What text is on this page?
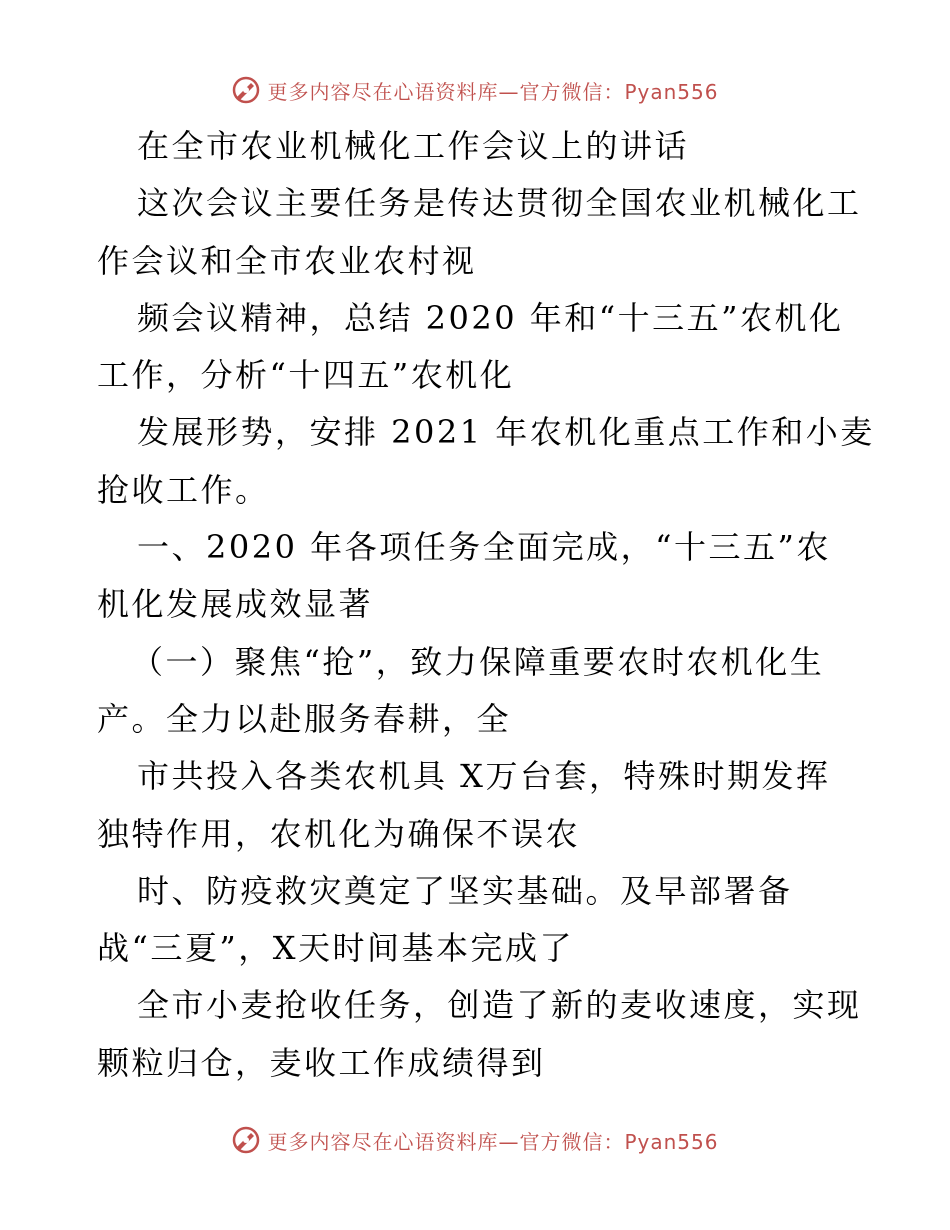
更多内容尽在心语资料库—官方微信：Pyan556
在全市农业机械化工作会议上的讲话
这次会议主要任务是传达贯彻全国农业机械化工
作会议和全市农业农村视
频会议精神，总结 2020 年和“十三五”农机化
工作，分析“十四五”农机化
发展形势，安排 2021 年农机化重点工作和小麦
抢收工作。
一、2020 年各项任务全面完成，“十三五”农
机化发展成效显著
（一）聚焦“抢”，致力保障重要农时农机化生
产。全力以赴服务春耕，全
市共投入各类农机具 X万台套，特殊时期发挥
独特作用，农机化为确保不误农
时、防疫救灾奠定了坚实基础。及早部署备
战“三夏”，X天时间基本完成了
全市小麦抢收任务，创造了新的麦收速度，实现
颗粒归仓，麦收工作成绩得到
更多内容尽在心语资料库—官方微信：Pyan556
